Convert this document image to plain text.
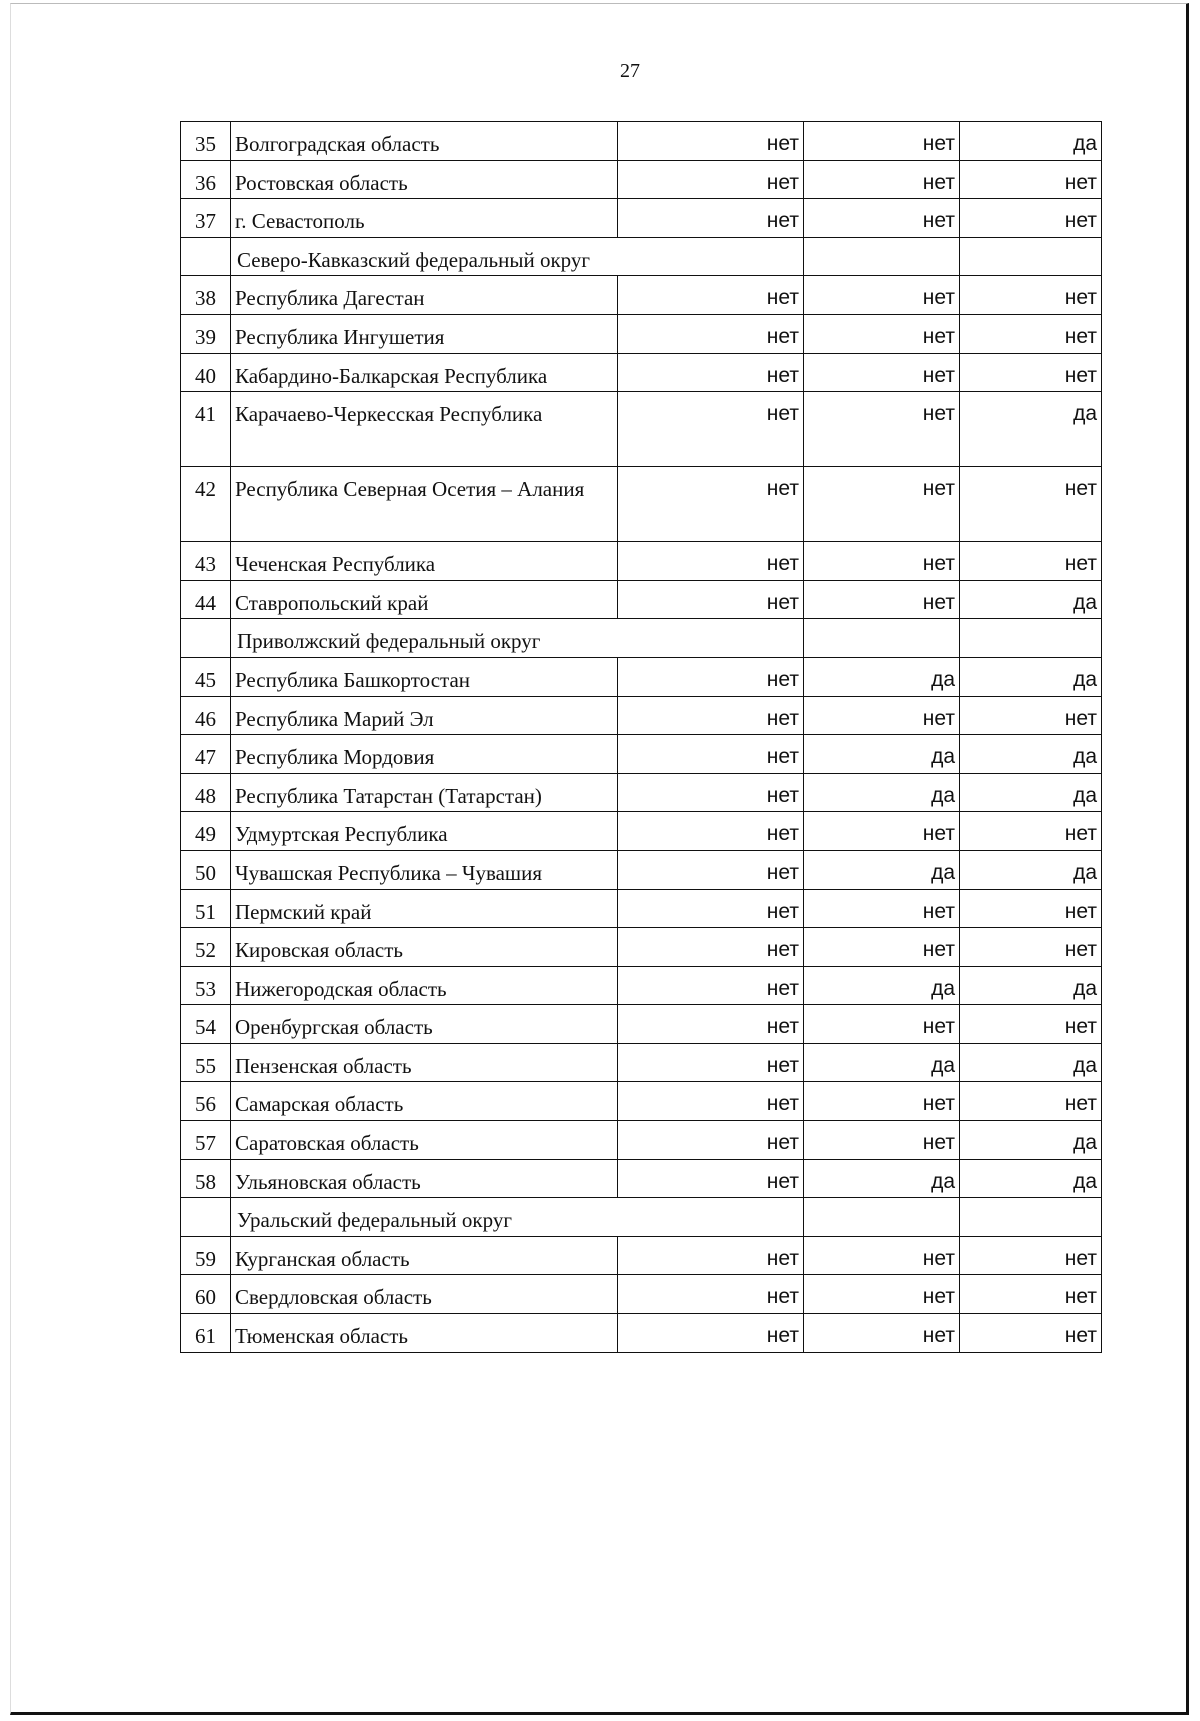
27
35	Волгоградская область	нет	нет	да
36	Ростовская область	нет	нет	нет
37	г. Севастополь	нет	нет	нет
	Северо-Кавказский федеральный округ			
38	Республика Дагестан	нет	нет	нет
39	Республика Ингушетия	нет	нет	нет
40	Кабардино-Балкарская Республика	нет	нет	нет
41	Карачаево-Черкесская Республика	нет	нет	да
42	Республика Северная Осетия – Алания	нет	нет	нет
43	Чеченская Республика	нет	нет	нет
44	Ставропольский край	нет	нет	да
	Приволжский федеральный округ			
45	Республика Башкортостан	нет	да	да
46	Республика Марий Эл	нет	нет	нет
47	Республика Мордовия	нет	да	да
48	Республика Татарстан (Татарстан)	нет	да	да
49	Удмуртская Республика	нет	нет	нет
50	Чувашская Республика – Чувашия	нет	да	да
51	Пермский край	нет	нет	нет
52	Кировская область	нет	нет	нет
53	Нижегородская область	нет	да	да
54	Оренбургская область	нет	нет	нет
55	Пензенская область	нет	да	да
56	Самарская область	нет	нет	нет
57	Саратовская область	нет	нет	да
58	Ульяновская область	нет	да	да
	Уральский федеральный округ			
59	Курганская область	нет	нет	нет
60	Свердловская область	нет	нет	нет
61	Тюменская область	нет	нет	нет
